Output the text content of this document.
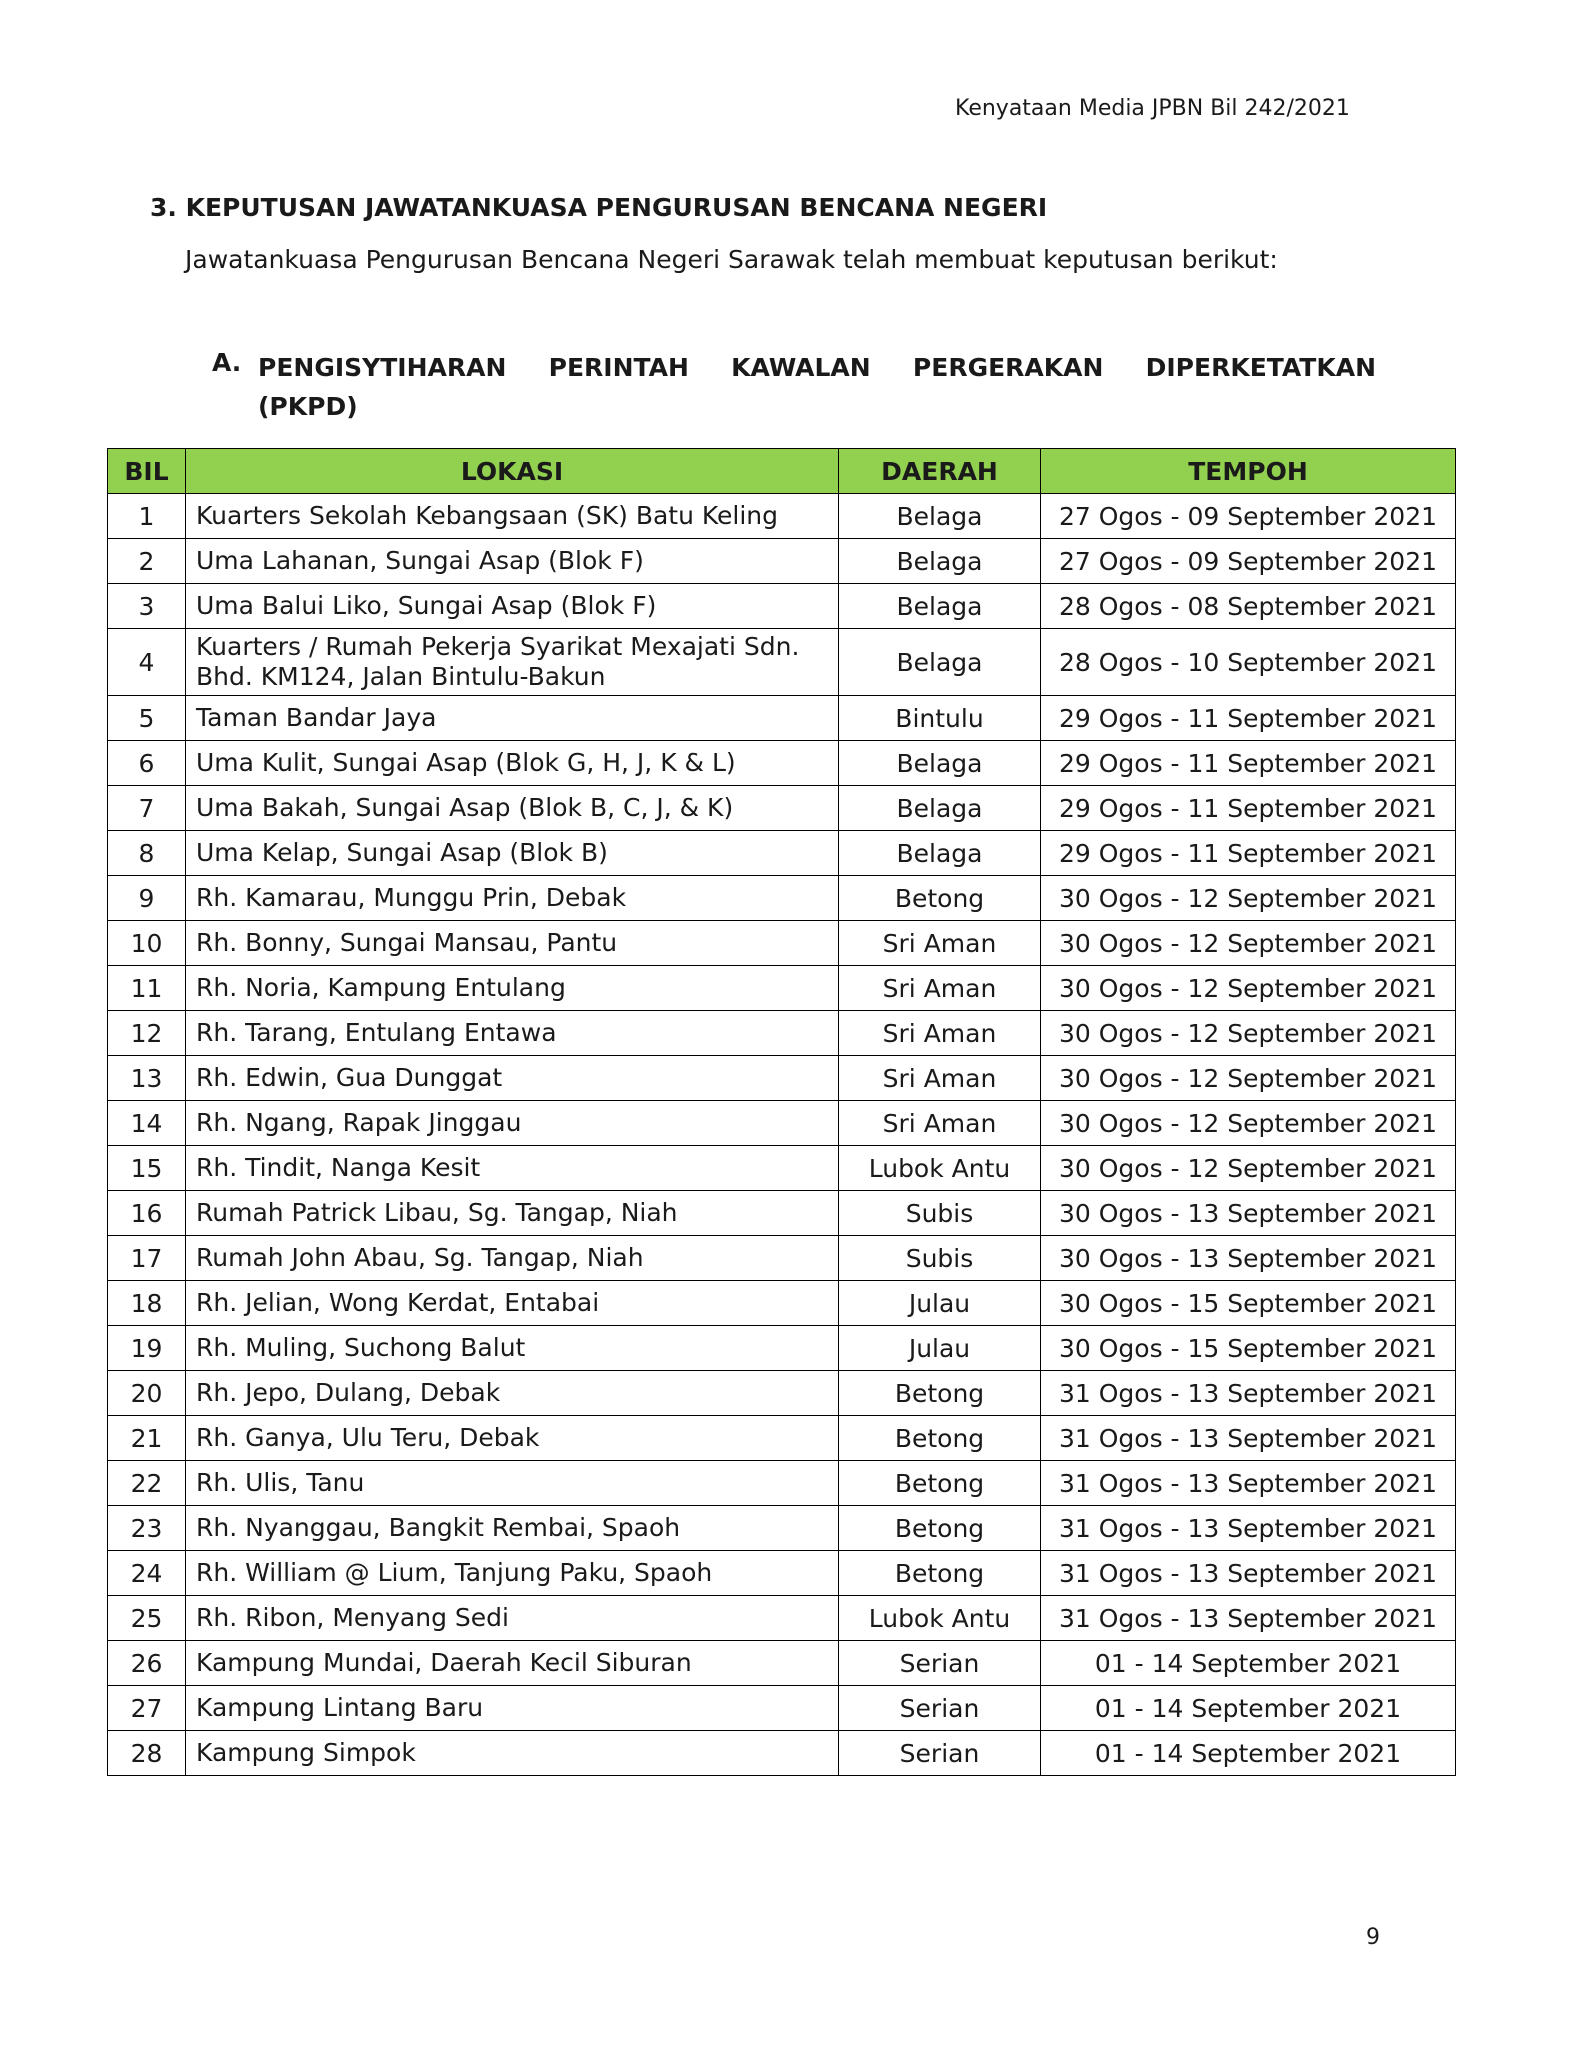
Kenyataan Media JPBN Bil 242/2021
3. KEPUTUSAN JAWATANKUASA PENGURUSAN BENCANA NEGERI
Jawatankuasa Pengurusan Bencana Negeri Sarawak telah membuat keputusan berikut:
A. PENGISYTIHARAN PERINTAH KAWALAN PERGERAKAN DIPERKETATKAN (PKPD)
BIL	LOKASI	DAERAH	TEMPOH
1	Kuarters Sekolah Kebangsaan (SK) Batu Keling	Belaga	27 Ogos - 09 September 2021
2	Uma Lahanan, Sungai Asap (Blok F)	Belaga	27 Ogos - 09 September 2021
3	Uma Balui Liko, Sungai Asap (Blok F)	Belaga	28 Ogos - 08 September 2021
4	Kuarters / Rumah Pekerja Syarikat Mexajati Sdn. Bhd. KM124, Jalan Bintulu-Bakun	Belaga	28 Ogos - 10 September 2021
5	Taman Bandar Jaya	Bintulu	29 Ogos - 11 September 2021
6	Uma Kulit, Sungai Asap (Blok G, H, J, K & L)	Belaga	29 Ogos - 11 September 2021
7	Uma Bakah, Sungai Asap (Blok B, C, J, & K)	Belaga	29 Ogos - 11 September 2021
8	Uma Kelap, Sungai Asap (Blok B)	Belaga	29 Ogos - 11 September 2021
9	Rh. Kamarau, Munggu Prin, Debak	Betong	30 Ogos - 12 September 2021
10	Rh. Bonny, Sungai Mansau, Pantu	Sri Aman	30 Ogos - 12 September 2021
11	Rh. Noria, Kampung Entulang	Sri Aman	30 Ogos - 12 September 2021
12	Rh. Tarang, Entulang Entawa	Sri Aman	30 Ogos - 12 September 2021
13	Rh. Edwin, Gua Dunggat	Sri Aman	30 Ogos - 12 September 2021
14	Rh. Ngang, Rapak Jinggau	Sri Aman	30 Ogos - 12 September 2021
15	Rh. Tindit, Nanga Kesit	Lubok Antu	30 Ogos - 12 September 2021
16	Rumah Patrick Libau, Sg. Tangap, Niah	Subis	30 Ogos - 13 September 2021
17	Rumah John Abau, Sg. Tangap, Niah	Subis	30 Ogos - 13 September 2021
18	Rh. Jelian, Wong Kerdat, Entabai	Julau	30 Ogos - 15 September 2021
19	Rh. Muling, Suchong Balut	Julau	30 Ogos - 15 September 2021
20	Rh. Jepo, Dulang, Debak	Betong	31 Ogos - 13 September 2021
21	Rh. Ganya, Ulu Teru, Debak	Betong	31 Ogos - 13 September 2021
22	Rh. Ulis, Tanu	Betong	31 Ogos - 13 September 2021
23	Rh. Nyanggau, Bangkit Rembai, Spaoh	Betong	31 Ogos - 13 September 2021
24	Rh. William @ Lium, Tanjung Paku, Spaoh	Betong	31 Ogos - 13 September 2021
25	Rh. Ribon, Menyang Sedi	Lubok Antu	31 Ogos - 13 September 2021
26	Kampung Mundai, Daerah Kecil Siburan	Serian	01 - 14 September 2021
27	Kampung Lintang Baru	Serian	01 - 14 September 2021
28	Kampung Simpok	Serian	01 - 14 September 2021
9
